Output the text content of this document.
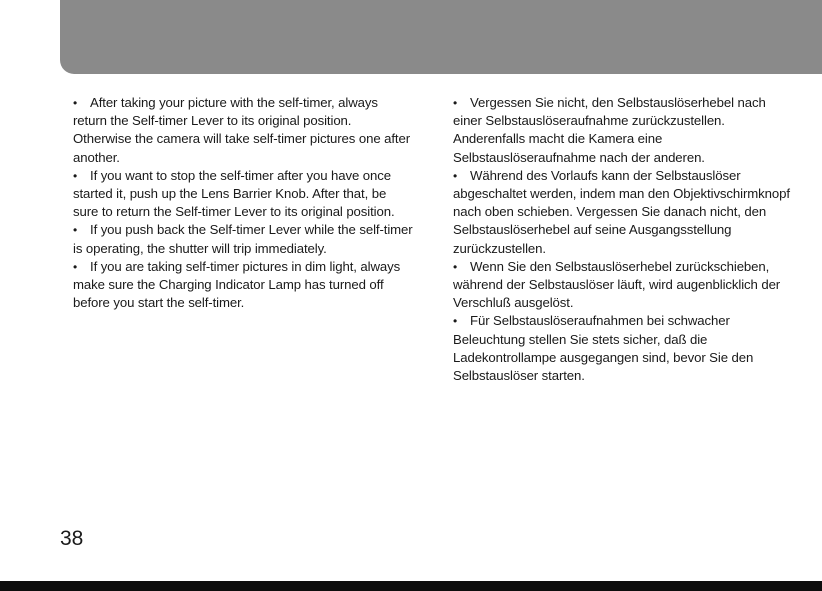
• After taking your picture with the self-timer, always return the Self-timer Lever to its original position. Otherwise the camera will take self-timer pictures one after another.

• If you want to stop the self-timer after you have once started it, push up the Lens Barrier Knob. After that, be sure to return the Self-timer Lever to its original position.

• If you push back the Self-timer Lever while the self-timer is operating, the shutter will trip immediately.

• If you are taking self-timer pictures in dim light, always make sure the Charging Indicator Lamp has turned off before you start the self-timer.

• Vergessen Sie nicht, den Selbstauslöserhebel nach einer Selbstauslöseraufnahme zurückzustellen. Anderenfalls macht die Kamera eine Selbstauslöseraufnahme nach der anderen.

• Während des Vorlaufs kann der Selbstauslöser abgeschaltet werden, indem man den Objektivschirmknopf nach oben schieben. Vergessen Sie danach nicht, den Selbstauslöserhebel auf seine Ausgangsstellung zurückzustellen.

• Wenn Sie den Selbstauslöserhebel zurückschieben, während der Selbstauslöser läuft, wird augenblicklich der Verschluß ausgelöst.

• Für Selbstauslöseraufnahmen bei schwacher Beleuchtung stellen Sie stets sicher, daß die Ladekontrollampe ausgegangen sind, bevor Sie den Selbstauslöser starten.

38
